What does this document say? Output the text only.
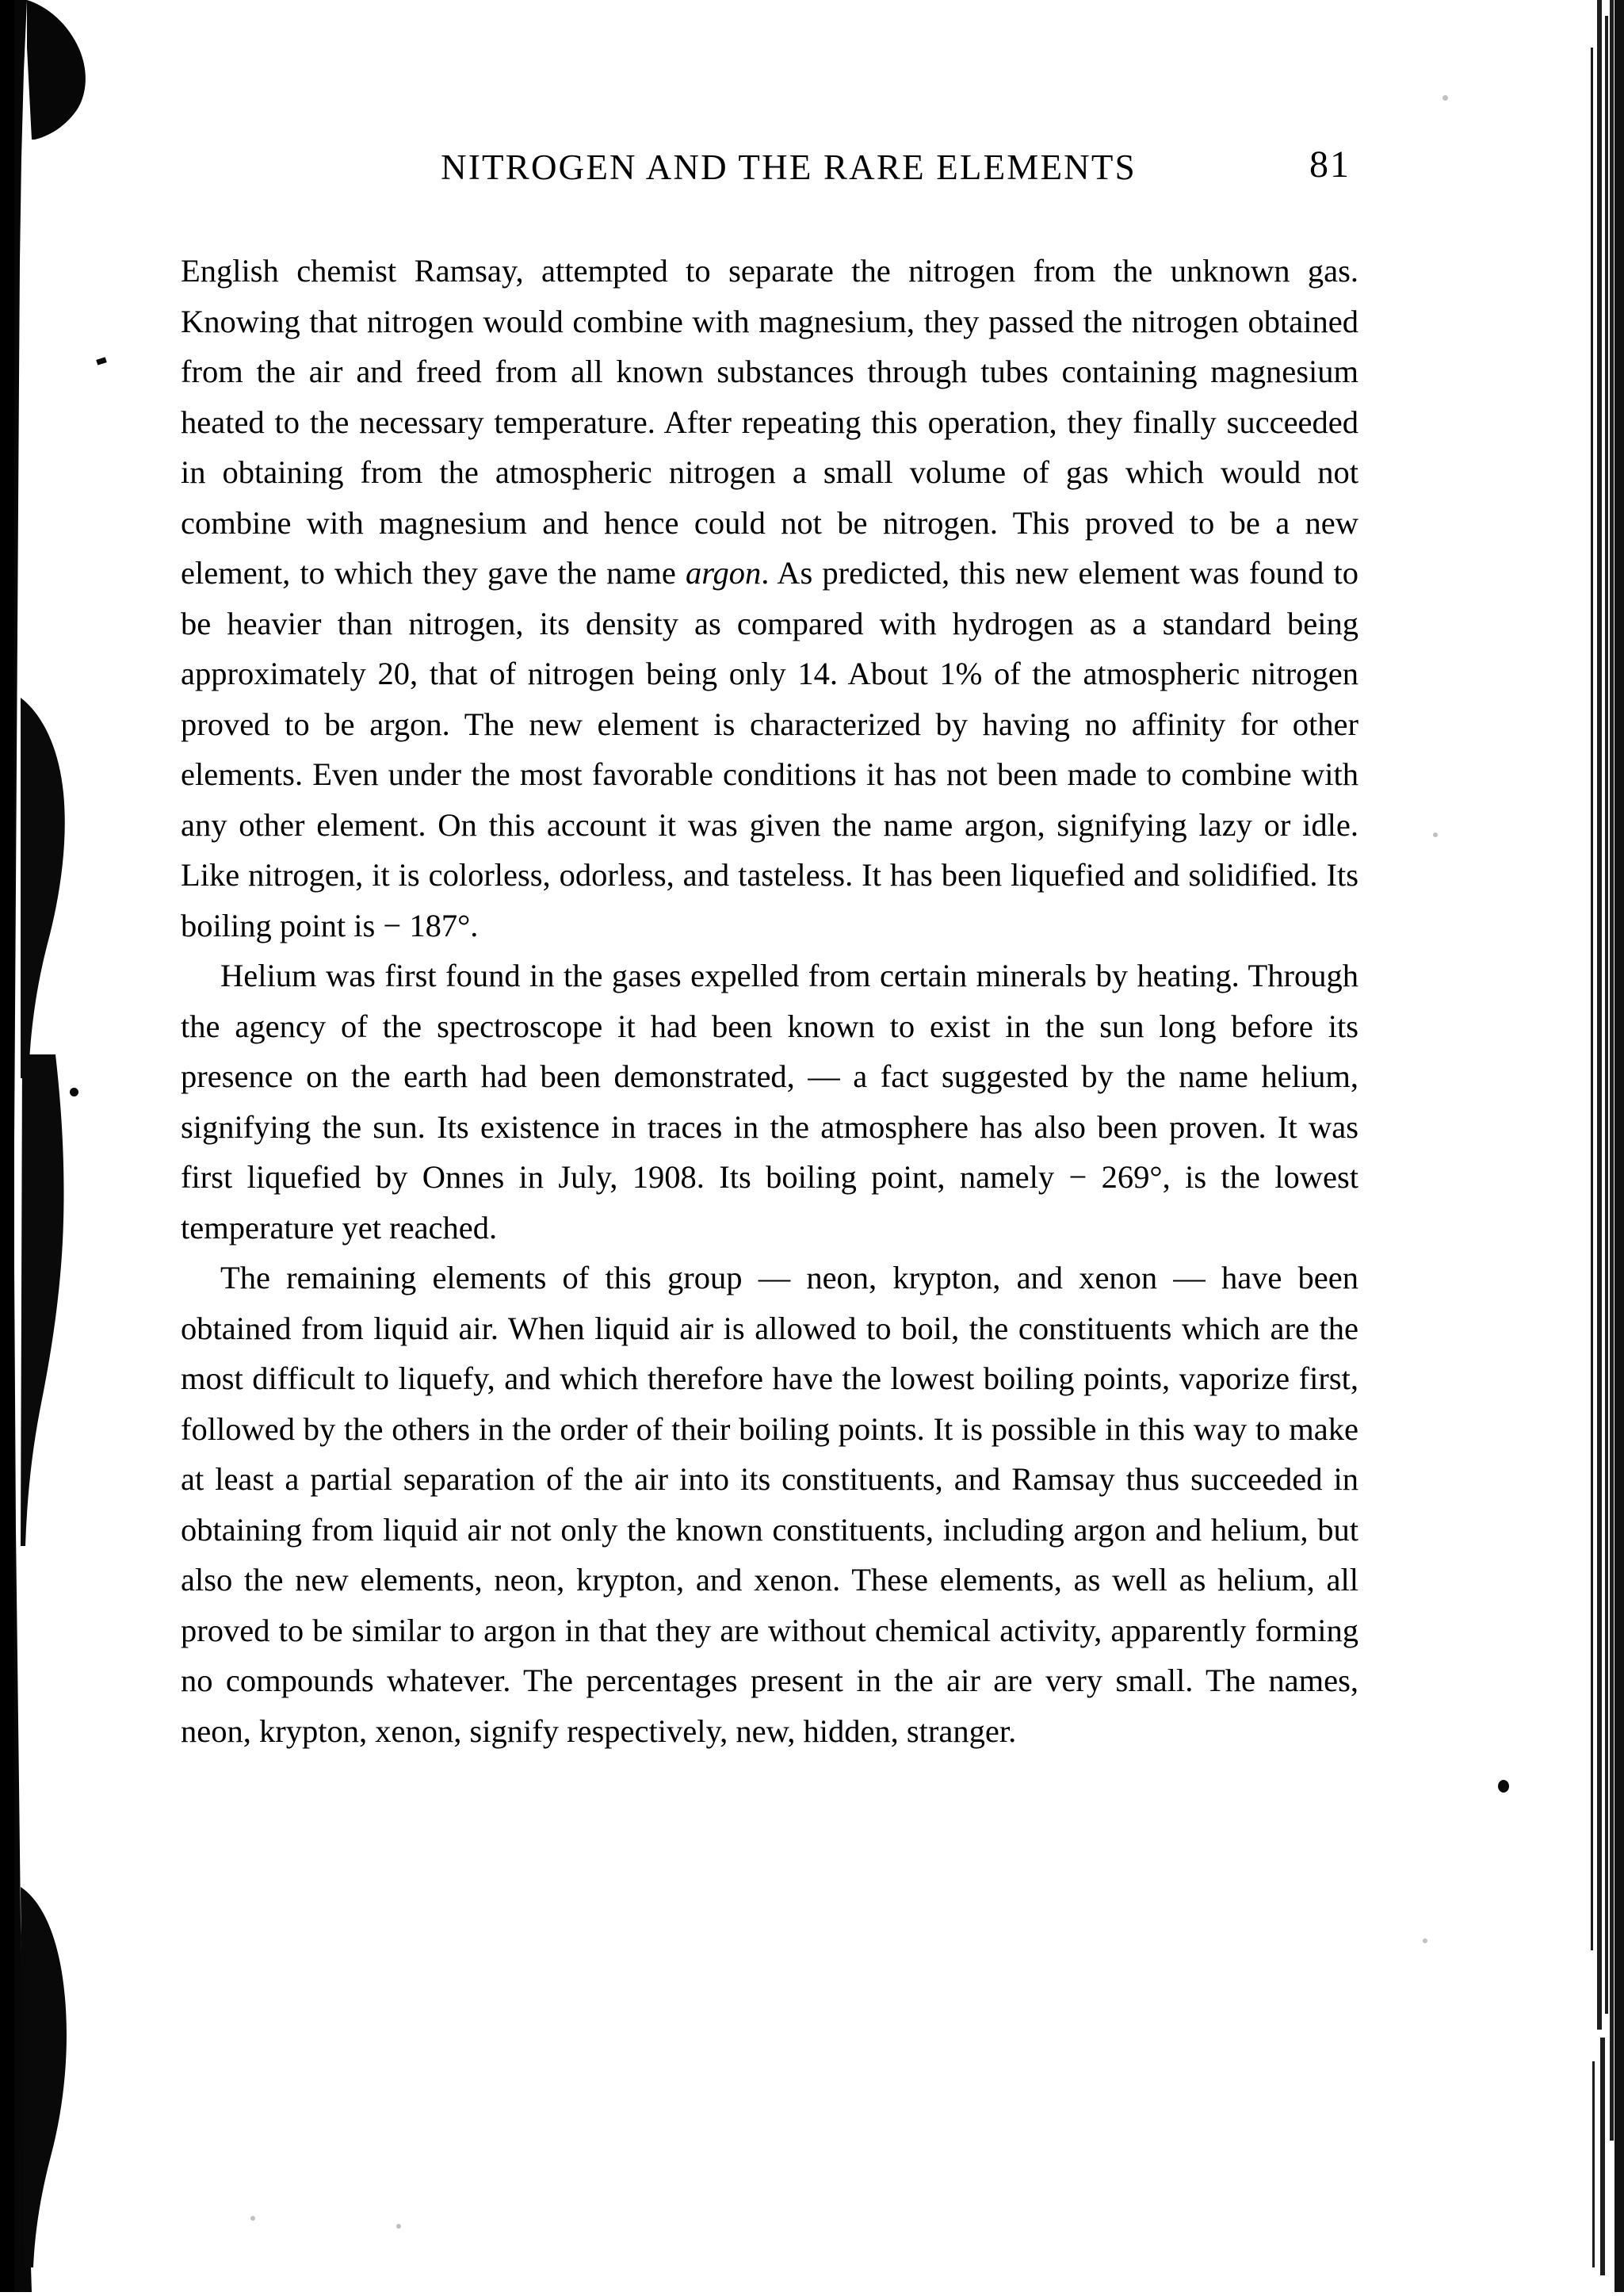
NITROGEN AND THE RARE ELEMENTS	81

English chemist Ramsay, attempted to separate the nitrogen from the unknown gas. Knowing that nitrogen would combine with magnesium, they passed the nitrogen obtained from the air and freed from all known substances through tubes containing magnesium heated to the necessary temperature. After repeating this operation, they finally succeeded in obtaining from the atmospheric nitrogen a small volume of gas which would not combine with magnesium and hence could not be nitrogen. This proved to be a new element, to which they gave the name argon. As predicted, this new element was found to be heavier than nitrogen, its density as compared with hydrogen as a standard being approximately 20, that of nitrogen being only 14. About 1% of the atmospheric nitrogen proved to be argon. The new element is characterized by having no affinity for other elements. Even under the most favorable conditions it has not been made to combine with any other element. On this account it was given the name argon, signifying lazy or idle. Like nitrogen, it is colorless, odorless, and tasteless. It has been liquefied and solidified. Its boiling point is − 187°.

Helium was first found in the gases expelled from certain minerals by heating. Through the agency of the spectroscope it had been known to exist in the sun long before its presence on the earth had been demonstrated, — a fact suggested by the name helium, signifying the sun. Its existence in traces in the atmosphere has also been proven. It was first liquefied by Onnes in July, 1908. Its boiling point, namely − 269°, is the lowest temperature yet reached.

The remaining elements of this group — neon, krypton, and xenon — have been obtained from liquid air. When liquid air is allowed to boil, the constituents which are the most difficult to liquefy, and which therefore have the lowest boiling points, vaporize first, followed by the others in the order of their boiling points. It is possible in this way to make at least a partial separation of the air into its constituents, and Ramsay thus succeeded in obtaining from liquid air not only the known constituents, including argon and helium, but also the new elements, neon, krypton, and xenon. These elements, as well as helium, all proved to be similar to argon in that they are without chemical activity, apparently forming no compounds whatever. The percentages present in the air are very small. The names, neon, krypton, xenon, signify respectively, new, hidden, stranger.
